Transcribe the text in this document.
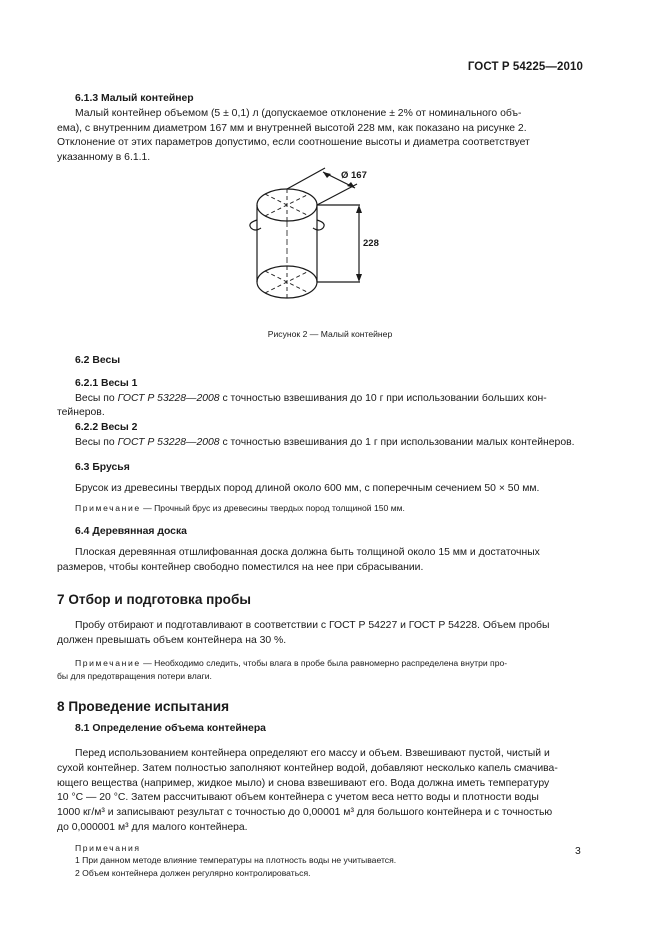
ГОСТ Р 54225—2010
6.1.3 Малый контейнер

Малый контейнер объемом (5 ± 0,1) л (допускаемое отклонение ± 2% от номинального объ-

ема), с внутренним диаметром 167 мм и внутренней высотой 228 мм, как показано на рисунке 2.

Отклонение от этих параметров допустимо, если соотношение высоты и диаметра соответствует

указанному в 6.1.1.

Ø 167
228
Рисунок 2 — Малый контейнер
6.2 Весы
6.2.1 Весы 1

Весы по ГОСТ Р 53228—2008 с точностью взвешивания до 10 г при использовании больших кон-

тейнеров.

6.2.2 Весы 2

Весы по ГОСТ Р 53228—2008 с точностью взвешивания до 1 г при использовании малых контейнеров.

6.3 Брусья

Брусок из древесины твердых пород длиной около 600 мм, с поперечным сечением 50 × 50 мм.

Примечание — Прочный брус из древесины твердых пород толщиной 150 мм.

6.4 Деревянная доска

Плоская деревянная отшлифованная доска должна быть толщиной около 15 мм и достаточных

размеров, чтобы контейнер свободно поместился на нее при сбрасывании.

7 Отбор и подготовка пробы

Пробу отбирают и подготавливают в соответствии с ГОСТ Р 54227 и ГОСТ Р 54228. Объем пробы

должен превышать объем контейнера на 30 %.

Примечание — Необходимо следить, чтобы влага в пробе была равномерно распределена внутри про-

бы для предотвращения потери влаги.

8 Проведение испытания
8.1 Определение объема контейнера

Перед использованием контейнера определяют его массу и объем. Взвешивают пустой, чистый и

сухой контейнер. Затем полностью заполняют контейнер водой, добавляют несколько капель смачива-

ющего вещества (например, жидкое мыло) и снова взвешивают его. Вода должна иметь температуру

10 °С — 20 °С. Затем рассчитывают объем контейнера с учетом веса нетто воды и плотности воды

1000 кг/м³ и записывают результат с точностью до 0,00001 м³ для большого контейнера и с точностью

до 0,000001 м³ для малого контейнера.

Примечания

1 При данном методе влияние температуры на плотность воды не учитывается.

2 Объем контейнера должен регулярно контролироваться.

3
